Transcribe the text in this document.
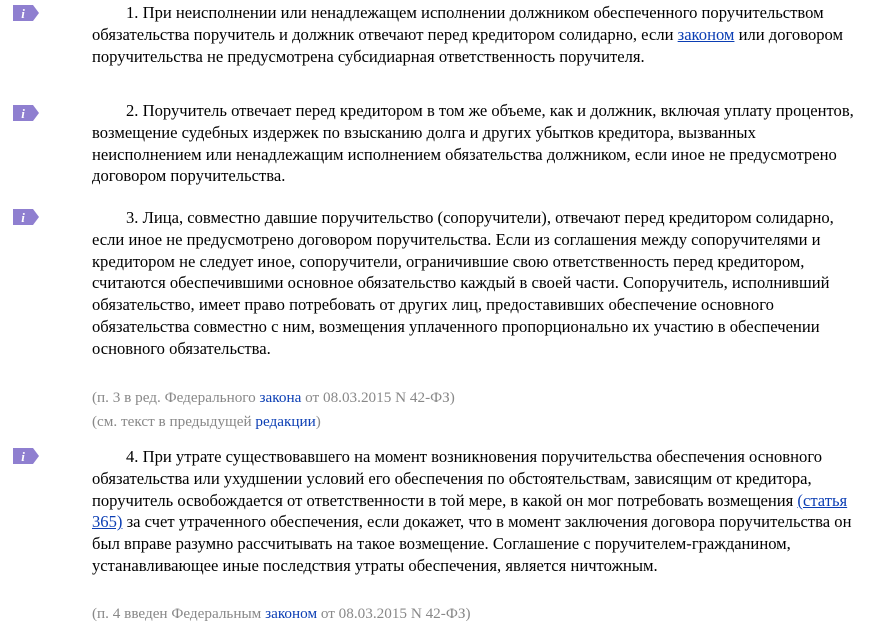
i	1. При неисполнении или ненадлежащем исполнении должником обеспеченного поручительством обязательства поручитель и должник отвечают перед кредитором солидарно, если законом или договором поручительства не предусмотрена субсидиарная ответственность поручителя.

i	2. Поручитель отвечает перед кредитором в том же объеме, как и должник, включая уплату процентов, возмещение судебных издержек по взысканию долга и других убытков кредитора, вызванных неисполнением или ненадлежащим исполнением обязательства должником, если иное не предусмотрено договором поручительства.

i	3. Лица, совместно давшие поручительство (сопоручители), отвечают перед кредитором солидарно, если иное не предусмотрено договором поручительства. Если из соглашения между сопоручителями и кредитором не следует иное, сопоручители, ограничившие свою ответственность перед кредитором, считаются обеспечившими основное обязательство каждый в своей части. Сопоручитель, исполнивший обязательство, имеет право потребовать от других лиц, предоставивших обеспечение основного обязательства совместно с ним, возмещения уплаченного пропорционально их участию в обеспечении основного обязательства.

(п. 3 в ред. Федерального закона от 08.03.2015 N 42-ФЗ)
(см. текст в предыдущей редакции)
i	4. При утрате существовавшего на момент возникновения поручительства обеспечения основного обязательства или ухудшении условий его обеспечения по обстоятельствам, зависящим от кредитора, поручитель освобождается от ответственности в той мере, в какой он мог потребовать возмещения (статья 365) за счет утраченного обеспечения, если докажет, что в момент заключения договора поручительства он был вправе разумно рассчитывать на такое возмещение. Соглашение с поручителем-гражданином, устанавливающее иные последствия утраты обеспечения, является ничтожным.

(п. 4 введен Федеральным законом от 08.03.2015 N 42-ФЗ)
